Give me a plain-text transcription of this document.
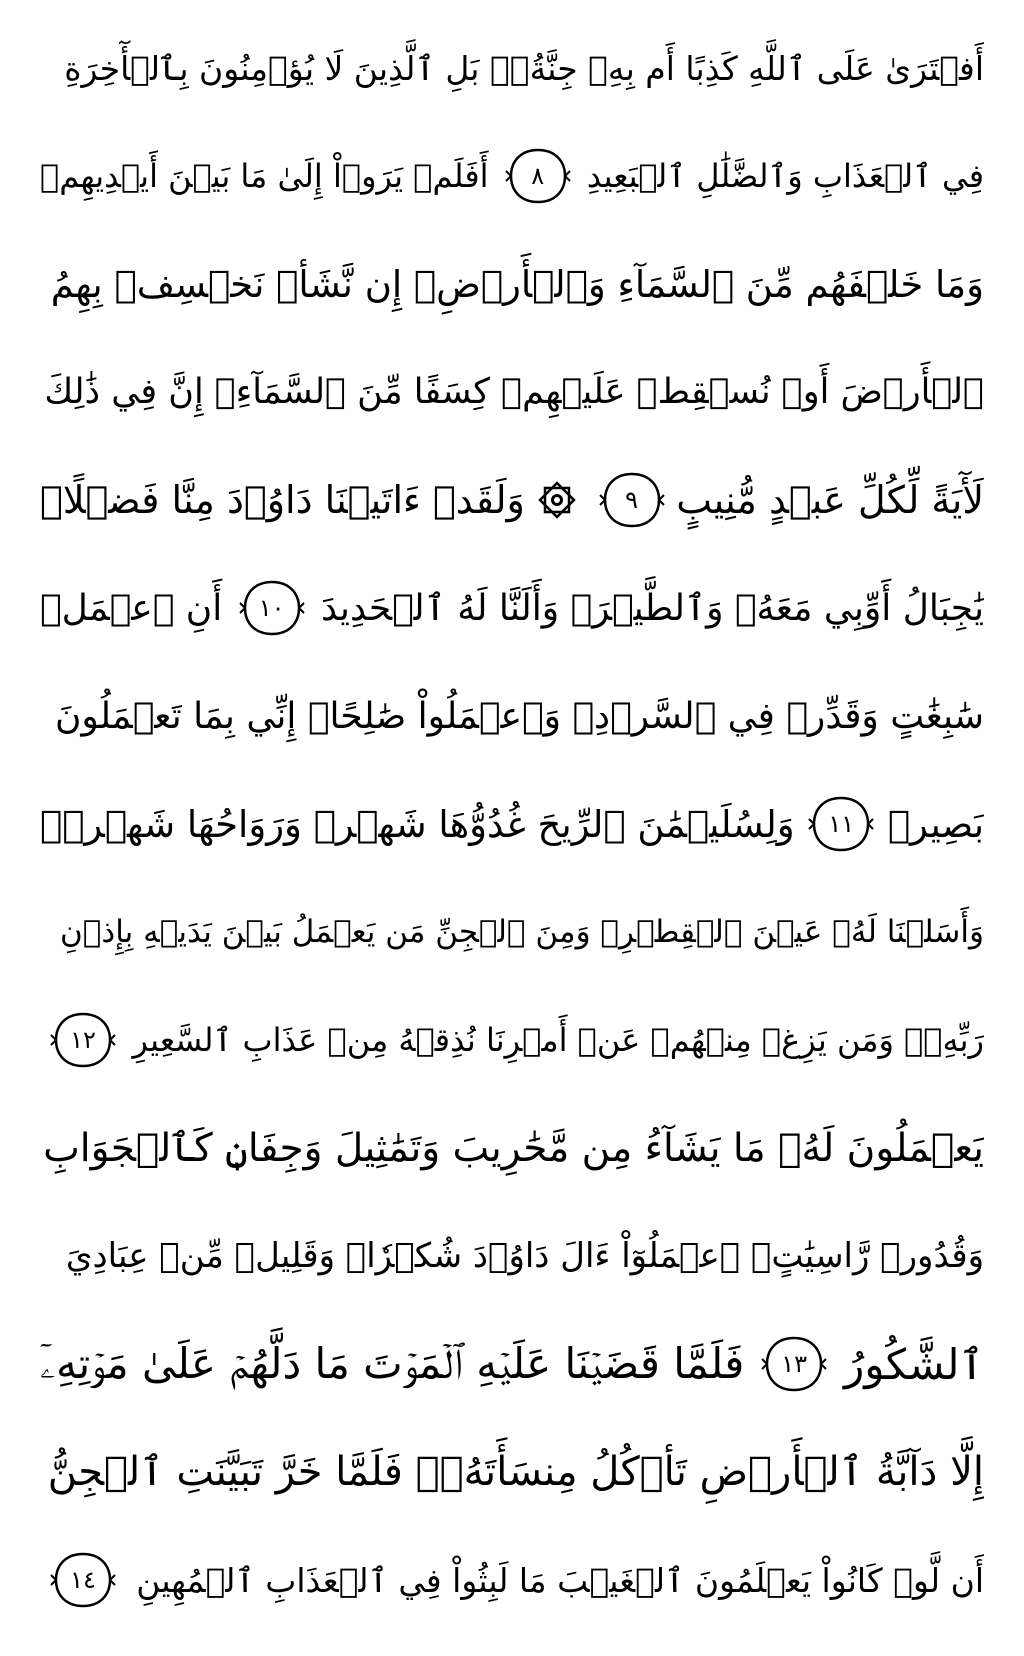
أَفۡتَرَىٰ عَلَى ٱللَّهِ كَذِبًا أَم بِهِۦ جِنَّةُۢۗ بَلِ ٱلَّذِينَ لَا يُؤۡمِنُونَ بِٱلۡأٓخِرَةِ
فِي ٱلۡعَذَابِ وَٱلضَّلَٰلِ ٱلۡبَعِيدِ
٨
أَفَلَمۡ يَرَوۡاْ إِلَىٰ مَا بَيۡنَ أَيۡدِيهِمۡ
وَمَا خَلۡفَهُم مِّنَ ٱلسَّمَآءِ وَٱلۡأَرۡضِۚ إِن نَّشَأۡ نَخۡسِفۡ بِهِمُ
ٱلۡأَرۡضَ أَوۡ نُسۡقِطۡ عَلَيۡهِمۡ كِسَفًا مِّنَ ٱلسَّمَآءِۚ إِنَّ فِي ذَٰلِكَ
لَأٓيَةً لِّكُلِّ عَبۡدٍ مُّنِيبٍ
٩
وَلَقَدۡ ءَاتَيۡنَا دَاوُۥدَ مِنَّا فَضۡلًاۖ
يَٰجِبَالُ أَوِّبِي مَعَهُۥ وَٱلطَّيۡرَۖ وَأَلَنَّا لَهُ ٱلۡحَدِيدَ
١٠
أَنِ ٱعۡمَلۡ
سَٰبِغَٰتٍ وَقَدِّرۡ فِي ٱلسَّرۡدِۖ وَٱعۡمَلُواْ صَٰلِحًاۖ إِنِّي بِمَا تَعۡمَلُونَ
بَصِيرٞ
١١
وَلِسُلَيۡمَٰنَ ٱلرِّيحَ غُدُوُّهَا شَهۡرٞ وَرَوَاحُهَا شَهۡرٞۖ
وَأَسَلۡنَا لَهُۥ عَيۡنَ ٱلۡقِطۡرِۖ وَمِنَ ٱلۡجِنِّ مَن يَعۡمَلُ بَيۡنَ يَدَيۡهِ بِإِذۡنِ
رَبِّهِۦۖ وَمَن يَزِغۡ مِنۡهُمۡ عَنۡ أَمۡرِنَا نُذِقۡهُ مِنۡ عَذَابِ ٱلسَّعِيرِ
١٢
يَعۡمَلُونَ لَهُۥ مَا يَشَآءُ مِن مَّحَٰرِيبَ وَتَمَٰثِيلَ وَجِفَانٖ كَٱلۡجَوَابِ
وَقُدُورٖ رَّاسِيَٰتٍۚ ٱعۡمَلُوٓاْ ءَالَ دَاوُۥدَ شُكۡرٗاۚ وَقَلِيلٞ مِّنۡ عِبَادِيَ
ٱلشَّكُورُ
١٣
فَلَمَّا قَضَيۡنَا عَلَيۡهِ ٱلۡمَوۡتَ مَا دَلَّهُمۡ عَلَىٰ مَوۡتِهِۦٓ
إِلَّا دَآبَّةُ ٱلۡأَرۡضِ تَأۡكُلُ مِنسَأَتَهُۥۖ فَلَمَّا خَرَّ تَبَيَّنَتِ ٱلۡجِنُّ
أَن لَّوۡ كَانُواْ يَعۡلَمُونَ ٱلۡغَيۡبَ مَا لَبِثُواْ فِي ٱلۡعَذَابِ ٱلۡمُهِينِ
١٤
